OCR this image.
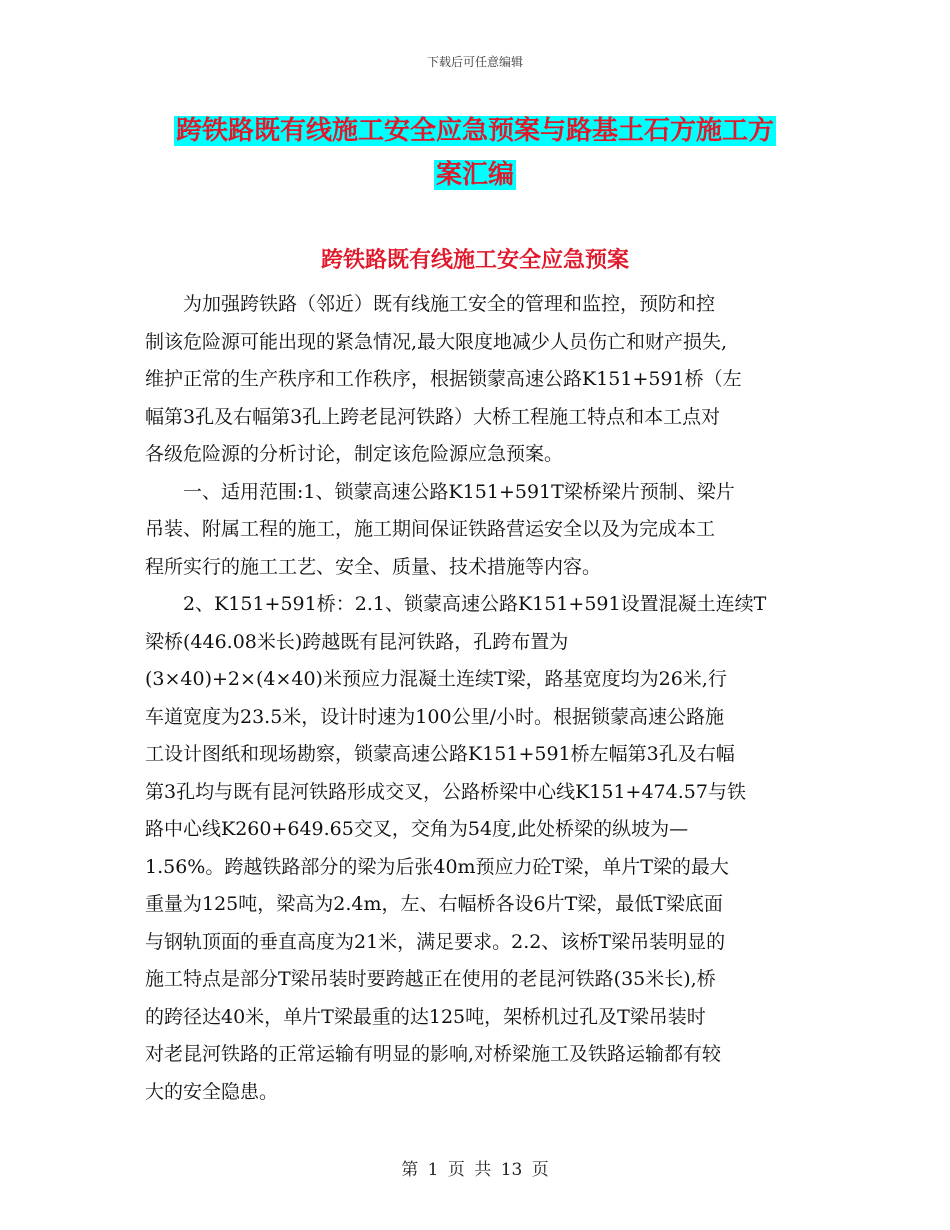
下载后可任意编辑
跨铁路既有线施工安全应急预案与路基土石方施工方
案汇编
跨铁路既有线施工安全应急预案
为加强跨铁路（邻近）既有线施工安全的管理和监控，预防和控
制该危险源可能出现的紧急情况,最大限度地减少人员伤亡和财产损失,
维护正常的生产秩序和工作秩序，根据锁蒙高速公路K151+591桥（左
幅第3孔及右幅第3孔上跨老昆河铁路）大桥工程施工特点和本工点对
各级危险源的分析讨论，制定该危险源应急预案。
一、适用范围:1、锁蒙高速公路K151+591T梁桥梁片预制、梁片
吊装、附属工程的施工，施工期间保证铁路营运安全以及为完成本工
程所实行的施工工艺、安全、质量、技术措施等内容。
2、K151+591桥：2.1、锁蒙高速公路K151+591设置混凝土连续T
梁桥(446.08米长)跨越既有昆河铁路，孔跨布置为
(3×40)+2×(4×40)米预应力混凝土连续T梁，路基宽度均为26米,行
车道宽度为23.5米，设计时速为100公里/小时。根据锁蒙高速公路施
工设计图纸和现场勘察，锁蒙高速公路K151+591桥左幅第3孔及右幅
第3孔均与既有昆河铁路形成交叉，公路桥梁中心线K151+474.57与铁
路中心线K260+649.65交叉，交角为54度,此处桥梁的纵坡为—
1.56%。跨越铁路部分的梁为后张40m预应力砼T梁，单片T梁的最大
重量为125吨，梁高为2.4m，左、右幅桥各设6片T梁，最低T梁底面
与钢轨顶面的垂直高度为21米，满足要求。2.2、该桥T梁吊装明显的
施工特点是部分T梁吊装时要跨越正在使用的老昆河铁路(35米长),桥
的跨径达40米，单片T梁最重的达125吨，架桥机过孔及T梁吊装时
对老昆河铁路的正常运输有明显的影响,对桥梁施工及铁路运输都有较
大的安全隐患。
第 1 页 共 13 页
